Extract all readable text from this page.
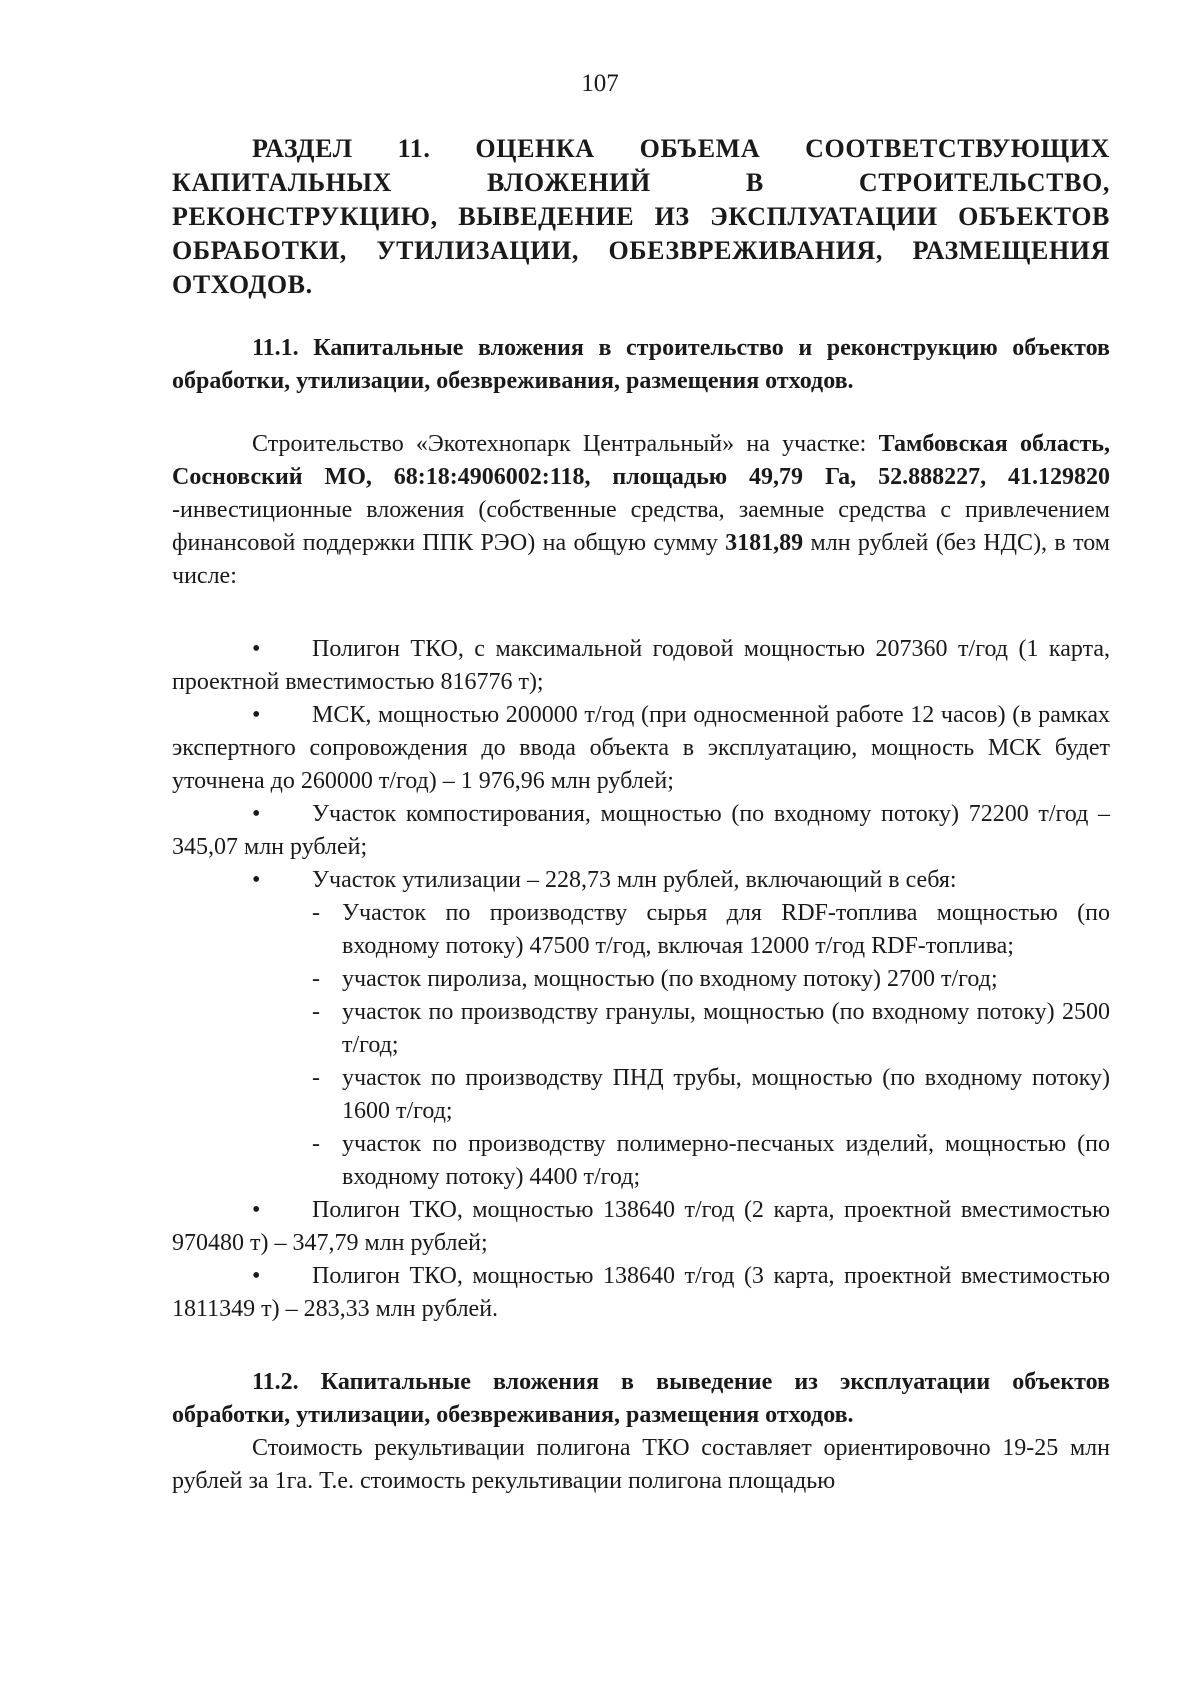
107

РАЗДЕЛ 11. ОЦЕНКА ОБЪЕМА СООТВЕТСТВУЮЩИХ КАПИТАЛЬНЫХ ВЛОЖЕНИЙ В СТРОИТЕЛЬСТВО, РЕКОНСТРУКЦИЮ, ВЫВЕДЕНИЕ ИЗ ЭКСПЛУАТАЦИИ ОБЪЕКТОВ ОБРАБОТКИ, УТИЛИЗАЦИИ, ОБЕЗВРЕЖИВАНИЯ, РАЗМЕЩЕНИЯ ОТХОДОВ.

11.1. Капитальные вложения в строительство и реконструкцию объектов обработки, утилизации, обезвреживания, размещения отходов.

Строительство «Экотехнопарк Центральный» на участке: Тамбовская область, Сосновский МО, 68:18:4906002:118, площадью 49,79 Га, 52.888227, 41.129820 -инвестиционные вложения (собственные средства, заемные средства с привлечением финансовой поддержки ППК РЭО) на общую сумму 3181,89 млн рублей (без НДС), в том числе:

• Полигон ТКО, с максимальной годовой мощностью 207360 т/год (1 карта, проектной вместимостью 816776 т);

• МСК, мощностью 200000 т/год (при односменной работе 12 часов) (в рамках экспертного сопровождения до ввода объекта в эксплуатацию, мощность МСК будет уточнена до 260000 т/год) – 1 976,96 млн рублей;

• Участок компостирования, мощностью (по входному потоку) 72200 т/год – 345,07 млн рублей;

• Участок утилизации – 228,73 млн рублей, включающий в себя:

- Участок по производству сырья для RDF-топлива мощностью (по входному потоку) 47500 т/год, включая 12000 т/год RDF-топлива;

- участок пиролиза, мощностью (по входному потоку) 2700 т/год;

- участок по производству гранулы, мощностью (по входному потоку) 2500 т/год;

- участок по производству ПНД трубы, мощностью (по входному потоку) 1600 т/год;

- участок по производству полимерно-песчаных изделий, мощностью (по входному потоку) 4400 т/год;

• Полигон ТКО, мощностью 138640 т/год (2 карта, проектной вместимостью 970480 т) – 347,79 млн рублей;

• Полигон ТКО, мощностью 138640 т/год (3 карта, проектной вместимостью 1811349 т) – 283,33 млн рублей.

11.2. Капитальные вложения в выведение из эксплуатации объектов обработки, утилизации, обезвреживания, размещения отходов.

Стоимость рекультивации полигона ТКО составляет ориентировочно 19-25 млн рублей за 1га. Т.е. стоимость рекультивации полигона площадью
